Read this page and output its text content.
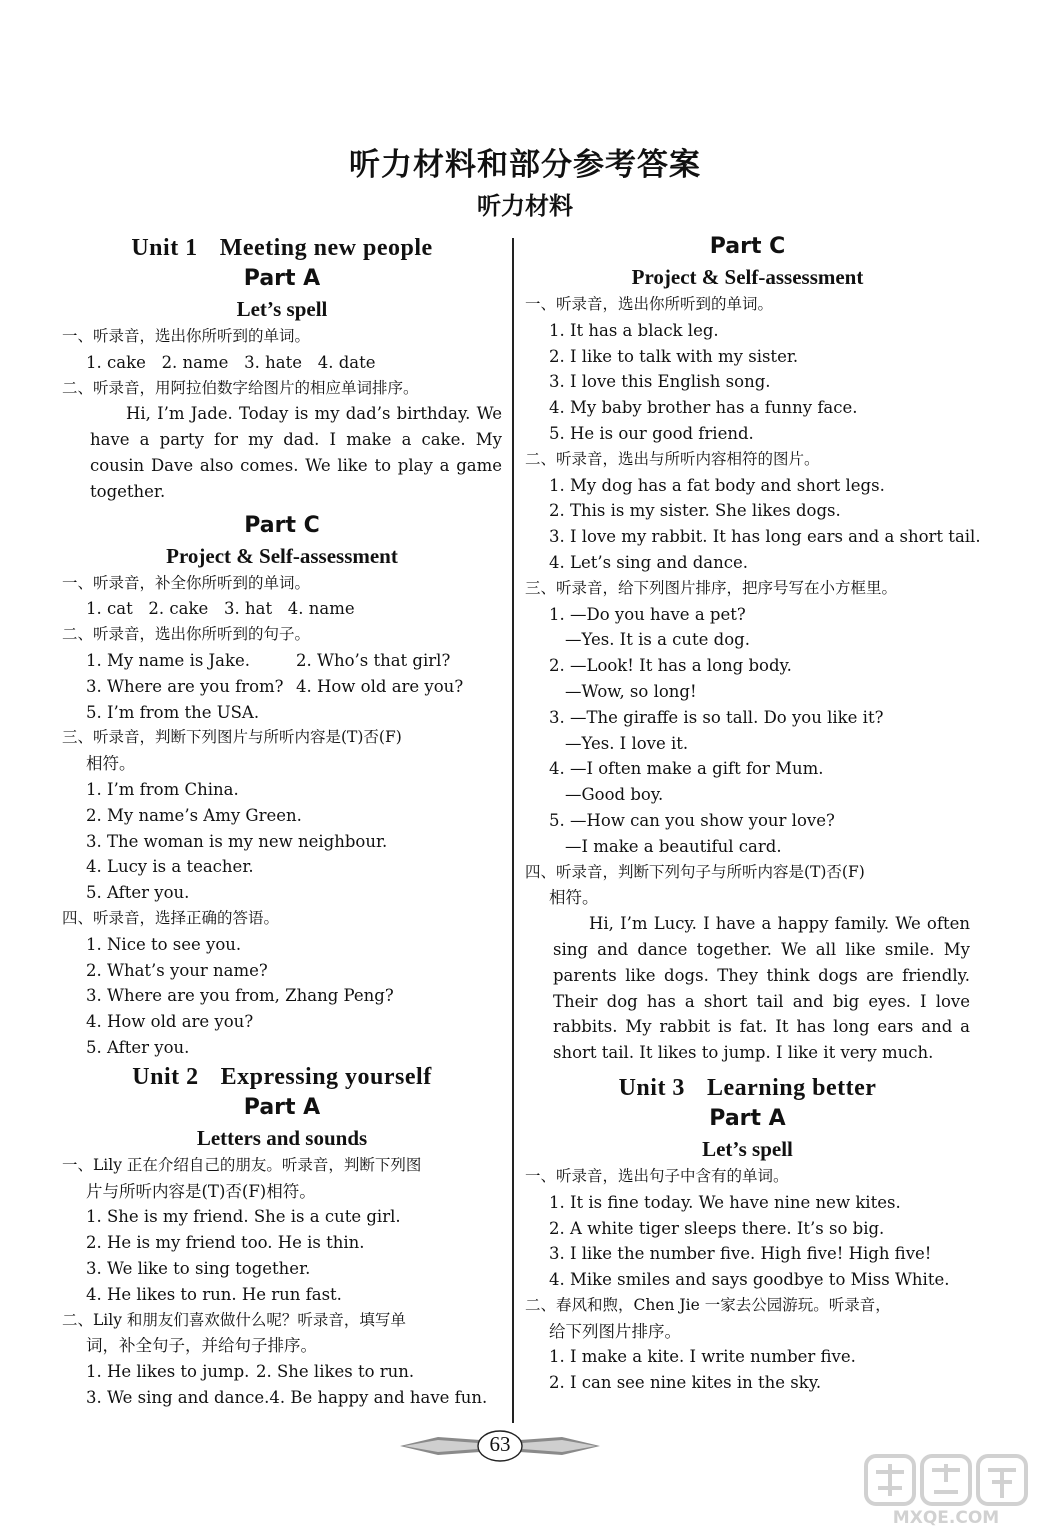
听力材料和部分参考答案
听力材料
Unit 1 Meeting new people
Part A
Let’s spell
一、听录音，选出你所听到的单词。
1. cake   2. name   3. hate   4. date
二、听录音，用阿拉伯数字给图片的相应单词排序。
Hi, I’m Jade. Today is my dad’s birthday. We have a party for my dad. I make a cake. My cousin Dave also comes. We like to play a game together.
Part C
Project & Self-assessment
一、听录音，补全你所听到的单词。
1. cat   2. cake   3. hat   4. name
二、听录音，选出你所听到的句子。
1. My name is Jake.	2. Who’s that girl?
3. Where are you from? 4. How old are you?
5. I’m from the USA.
三、听录音，判断下列图片与所听内容是(T)否(F)
相符。
1. I’m from China.
2. My name’s Amy Green.
3. The woman is my new neighbour.
4. Lucy is a teacher.
5. After you.
四、听录音，选择正确的答语。
1. Nice to see you.
2. What’s your name?
3. Where are you from, Zhang Peng?
4. How old are you?
5. After you.
Unit 2 Expressing yourself
Part A
Letters and sounds
一、Lily 正在介绍自己的朋友。听录音，判断下列图
片与所听内容是(T)否(F)相符。
1. She is my friend. She is a cute girl.
2. He is my friend too. He is thin.
3. We like to sing together.
4. He likes to run. He run fast.
二、Lily 和朋友们喜欢做什么呢？听录音，填写单
词，补全句子，并给句子排序。
1. He likes to jump. 2. She likes to run.
3. We sing and dance.4. Be happy and have fun.
Part C
Project & Self-assessment
一、听录音，选出你所听到的单词。
1. It has a black leg.
2. I like to talk with my sister.
3. I love this English song.
4. My baby brother has a funny face.
5. He is our good friend.
二、听录音，选出与所听内容相符的图片。
1. My dog has a fat body and short legs.
2. This is my sister. She likes dogs.
3. I love my rabbit. It has long ears and a short tail.
4. Let’s sing and dance.
三、听录音，给下列图片排序，把序号写在小方框里。
1. —Do you have a pet?
—Yes. It is a cute dog.
2. —Look! It has a long body.
—Wow, so long!
3. —The giraffe is so tall. Do you like it?
—Yes. I love it.
4. —I often make a gift for Mum.
—Good boy.
5. —How can you show your love?
—I make a beautiful card.
四、听录音，判断下列句子与所听内容是(T)否(F)
相符。
Hi, I’m Lucy. I have a happy family. We often sing and dance together. We all like smile. My parents like dogs. They think dogs are friendly. Their dog has a short tail and big eyes. I love rabbits. My rabbit is fat. It has long ears and a short tail. It likes to jump. I like it very much.
Unit 3 Learning better
Part A
Let’s spell
一、听录音，选出句子中含有的单词。
1. It is fine today. We have nine new kites.
2. A white tiger sleeps there. It’s so big.
3. I like the number five. High five! High five!
4. Mike smiles and says goodbye to Miss White.
二、春风和煦，Chen Jie 一家去公园游玩。听录音，
给下列图片排序。
1. I make a kite. I write number five.
2. I can see nine kites in the sky.
63
MXQE.COM
